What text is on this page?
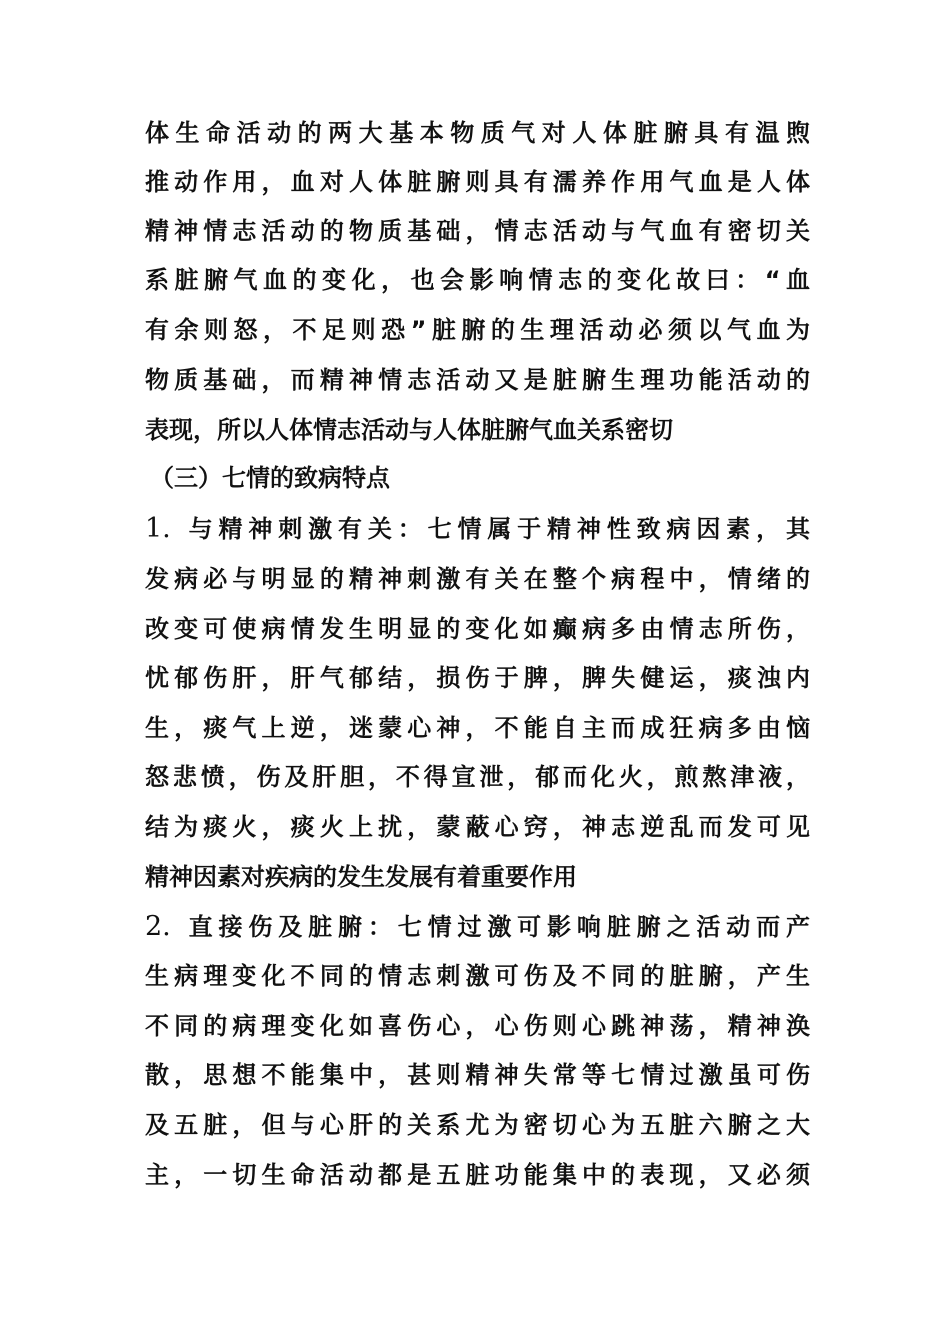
体生命活动的两大基本物质气对人体脏腑具有温煦
推动作用，血对人体脏腑则具有濡养作用气血是人体
精神情志活动的物质基础，情志活动与气血有密切关
系脏腑气血的变化，也会影响情志的变化故曰：“血
有余则怒，不足则恐”脏腑的生理活动必须以气血为
物质基础，而精神情志活动又是脏腑生理功能活动的
表现，所以人体情志活动与人体脏腑气血关系密切
（三）七情的致病特点
1. 与精神刺激有关：七情属于精神性致病因素，其
发病必与明显的精神刺激有关在整个病程中，情绪的
改变可使病情发生明显的变化如癫病多由情志所伤，
忧郁伤肝，肝气郁结，损伤于脾，脾失健运，痰浊内
生，痰气上逆，迷蒙心神，不能自主而成狂病多由恼
怒悲愤，伤及肝胆，不得宣泄，郁而化火，煎熬津液，
结为痰火，痰火上扰，蒙蔽心窍，神志逆乱而发可见
精神因素对疾病的发生发展有着重要作用
2. 直接伤及脏腑：七情过激可影响脏腑之活动而产
生病理变化不同的情志刺激可伤及不同的脏腑，产生
不同的病理变化如喜伤心，心伤则心跳神荡，精神涣
散，思想不能集中，甚则精神失常等七情过激虽可伤
及五脏，但与心肝的关系尤为密切心为五脏六腑之大
主，一切生命活动都是五脏功能集中的表现，又必须
